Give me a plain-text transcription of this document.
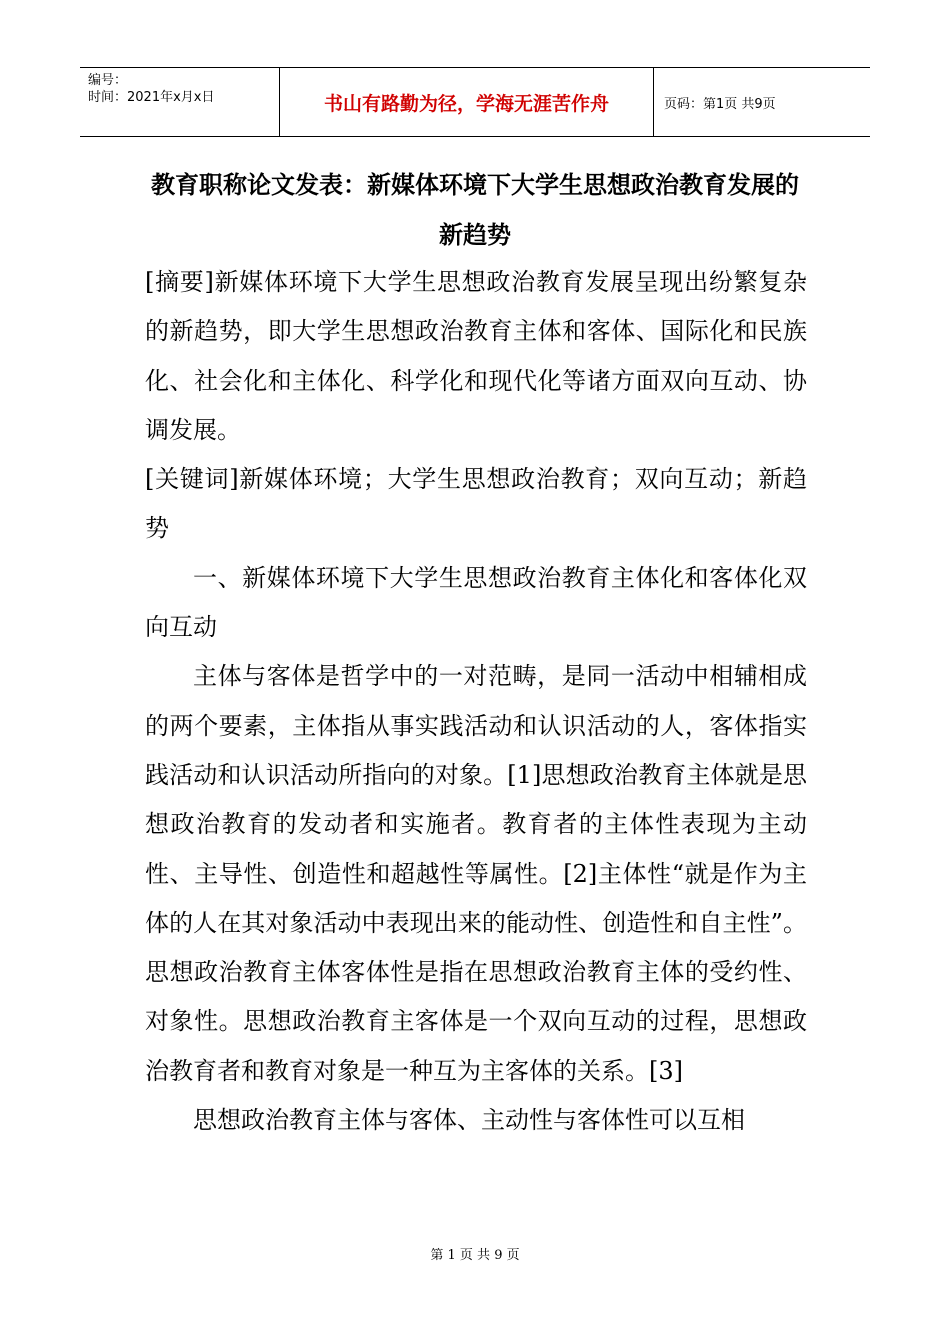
编号：
时间：2021年x月x日	书山有路勤为径，学海无涯苦作舟	页码：第1页 共9页
教育职称论文发表：新媒体环境下大学生思想政治教育发展的新趋势

[摘要]新媒体环境下大学生思想政治教育发展呈现出纷繁复杂的新趋势，即大学生思想政治教育主体和客体、国际化和民族化、社会化和主体化、科学化和现代化等诸方面双向互动、协调发展。

[关键词]新媒体环境；大学生思想政治教育；双向互动；新趋势

一、新媒体环境下大学生思想政治教育主体化和客体化双向互动

主体与客体是哲学中的一对范畴，是同一活动中相辅相成的两个要素，主体指从事实践活动和认识活动的人，客体指实践活动和认识活动所指向的对象。[1]思想政治教育主体就是思想政治教育的发动者和实施者。教育者的主体性表现为主动性、主导性、创造性和超越性等属性。[2]主体性“就是作为主体的人在其对象活动中表现出来的能动性、创造性和自主性”。思想政治教育主体客体性是指在思想政治教育主体的受约性、对象性。思想政治教育主客体是一个双向互动的过程，思想政治教育者和教育对象是一种互为主客体的关系。[3]

思想政治教育主体与客体、主动性与客体性可以互相

第 1 页 共 9 页
